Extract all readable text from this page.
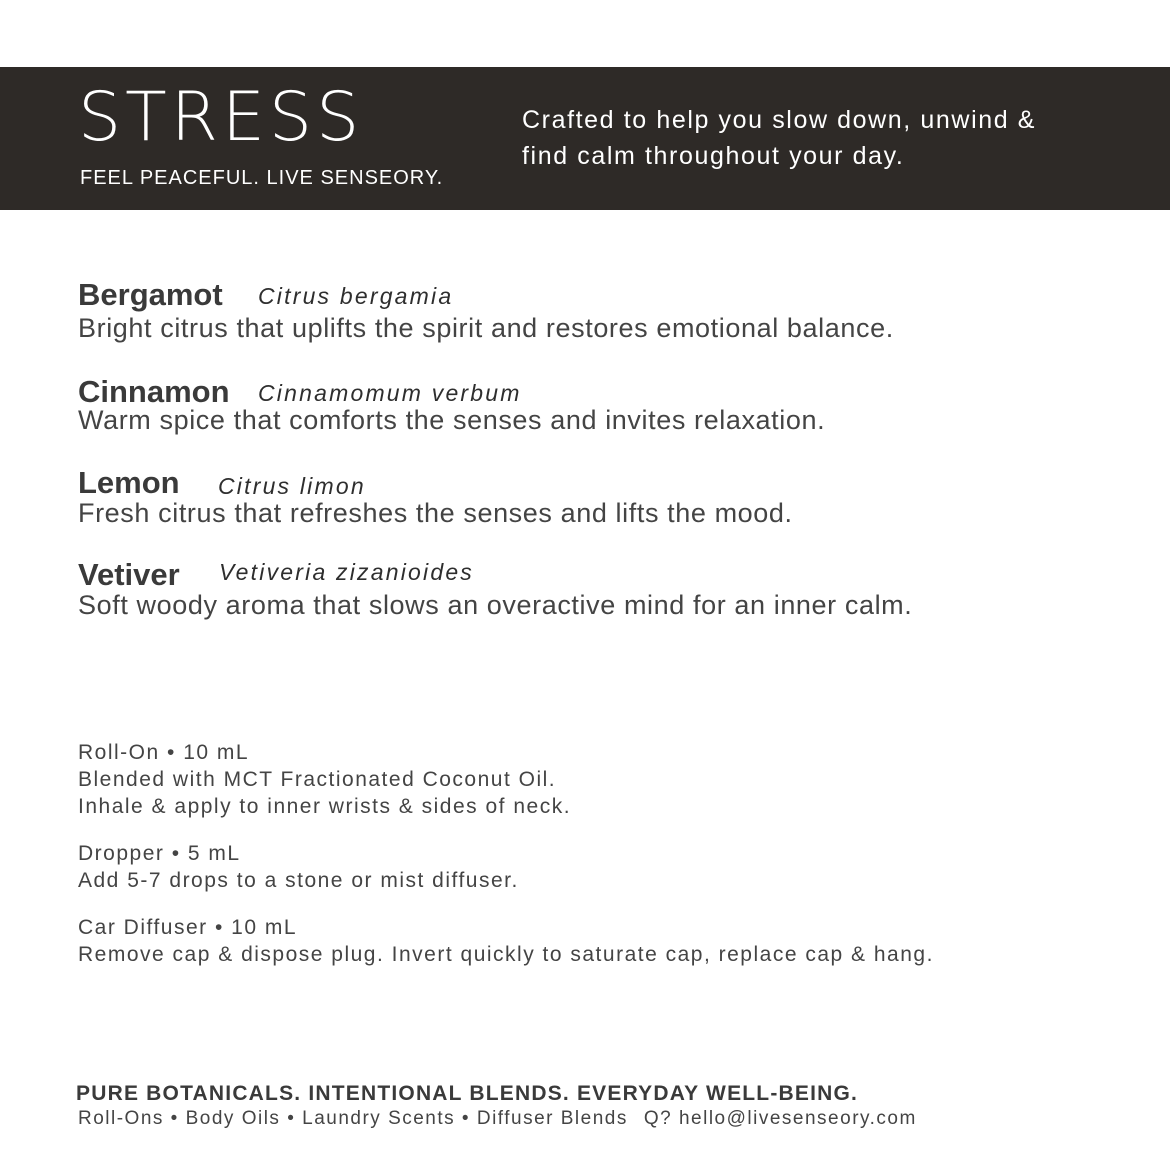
STRESS
FEEL PEACEFUL. LIVE SENSEORY.
Crafted to help you slow down, unwind &
find calm throughout your day.
Bergamot Citrus bergamia
Bright citrus that uplifts the spirit and restores emotional balance.
Cinnamon Cinnamomum verbum
Warm spice that comforts the senses and invites relaxation.
Lemon Citrus limon
Fresh citrus that refreshes the senses and lifts the mood.
Vetiver Vetiveria zizanioides
Soft woody aroma that slows an overactive mind for an inner calm.
Roll-On • 10 mL
Blended with MCT Fractionated Coconut Oil.
Inhale & apply to inner wrists & sides of neck.
Dropper • 5 mL
Add 5-7 drops to a stone or mist diffuser.
Car Diffuser • 10 mL
Remove cap & dispose plug. Invert quickly to saturate cap, replace cap & hang.
PURE BOTANICALS. INTENTIONAL BLENDS. EVERYDAY WELL-BEING.
Roll-Ons • Body Oils • Laundry Scents • Diffuser Blends Q? hello@livesenseory.com
